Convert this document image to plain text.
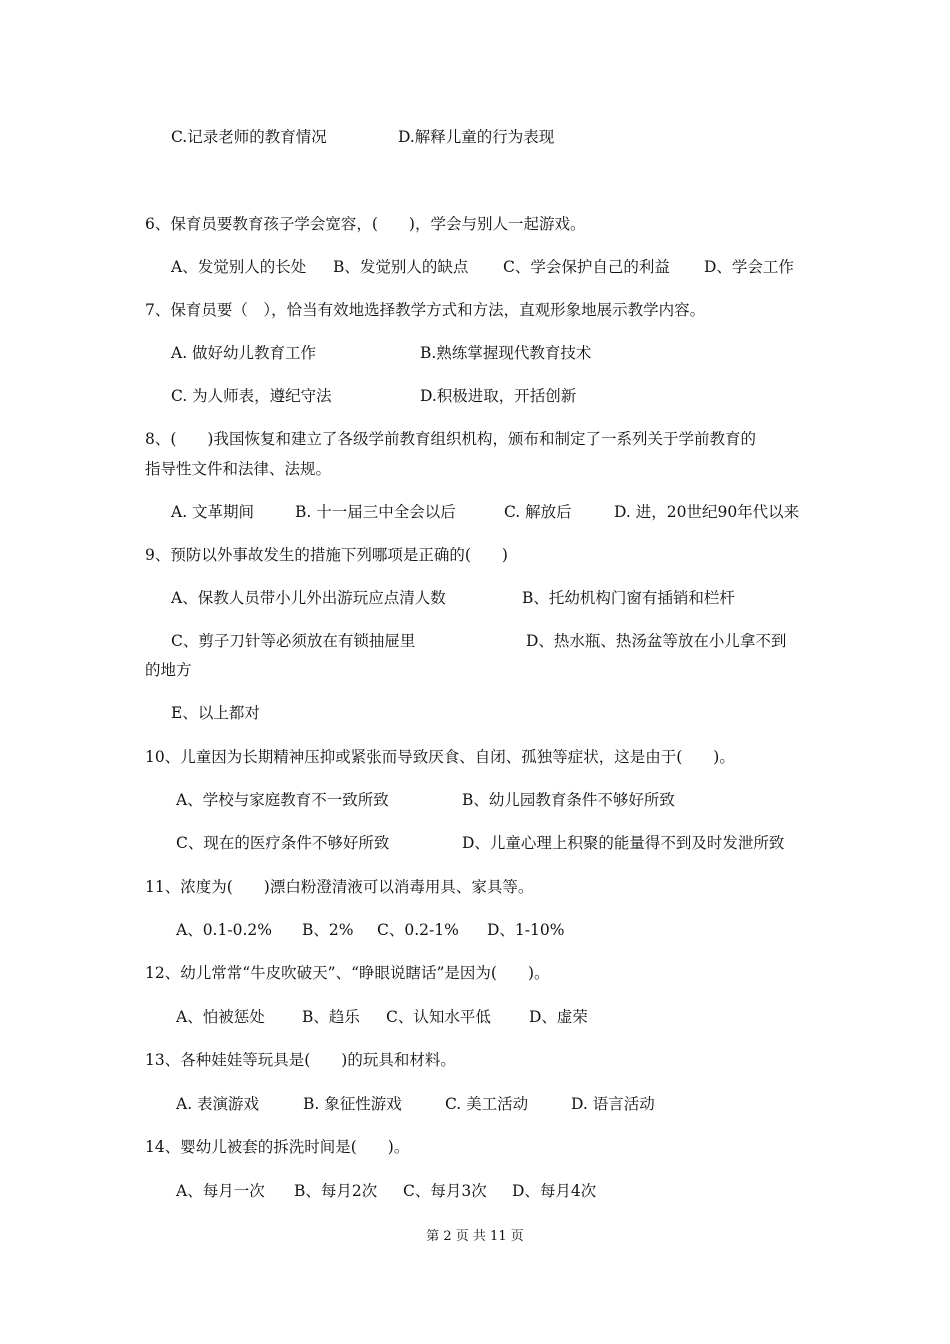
C.记录老师的教育情况	D.解释儿童的行为表现
6、保育员要教育孩子学会宽容，(　　)，学会与别人一起游戏。
A、发觉别人的长处 B、发觉别人的缺点 C、学会保护自己的利益 D、学会工作
7、保育员要（　），恰当有效地选择教学方式和方法，直观形象地展示教学内容。
A. 做好幼儿教育工作	B.熟练掌握现代教育技术
C. 为人师表，遵纪守法	D.积极进取，开括创新
8、(　　)我国恢复和建立了各级学前教育组织机构，颁布和制定了一系列关于学前教育的
指导性文件和法律、法规。
A. 文革期间	B. 十一届三中全会以后	C. 解放后	D. 进，20世纪90年代以来
9、预防以外事故发生的措施下列哪项是正确的(　　)
A、保教人员带小儿外出游玩应点清人数	B、托幼机构门窗有插销和栏杆
C、剪子刀针等必须放在有锁抽屉里	D、热水瓶、热汤盆等放在小儿拿不到
的地方
E、以上都对
10、儿童因为长期精神压抑或紧张而导致厌食、自闭、孤独等症状，这是由于(　　)。
A、学校与家庭教育不一致所致	B、幼儿园教育条件不够好所致
C、现在的医疗条件不够好所致	D、儿童心理上积聚的能量得不到及时发泄所致
11、浓度为(　　)漂白粉澄清液可以消毒用具、家具等。
A、0.1-0.2% B、2% C、0.2-1% D、1-10%
12、幼儿常常“牛皮吹破天”、“睁眼说瞎话”是因为(　　)。
A、怕被惩处 B、趋乐 C、认知水平低 D、虚荣
13、各种娃娃等玩具是(　　)的玩具和材料。
A. 表演游戏	B. 象征性游戏	C. 美工活动	D. 语言活动
14、婴幼儿被套的拆洗时间是(　　)。
A、每月一次 B、每月2次 C、每月3次 D、每月4次
第 2 页 共 11 页
